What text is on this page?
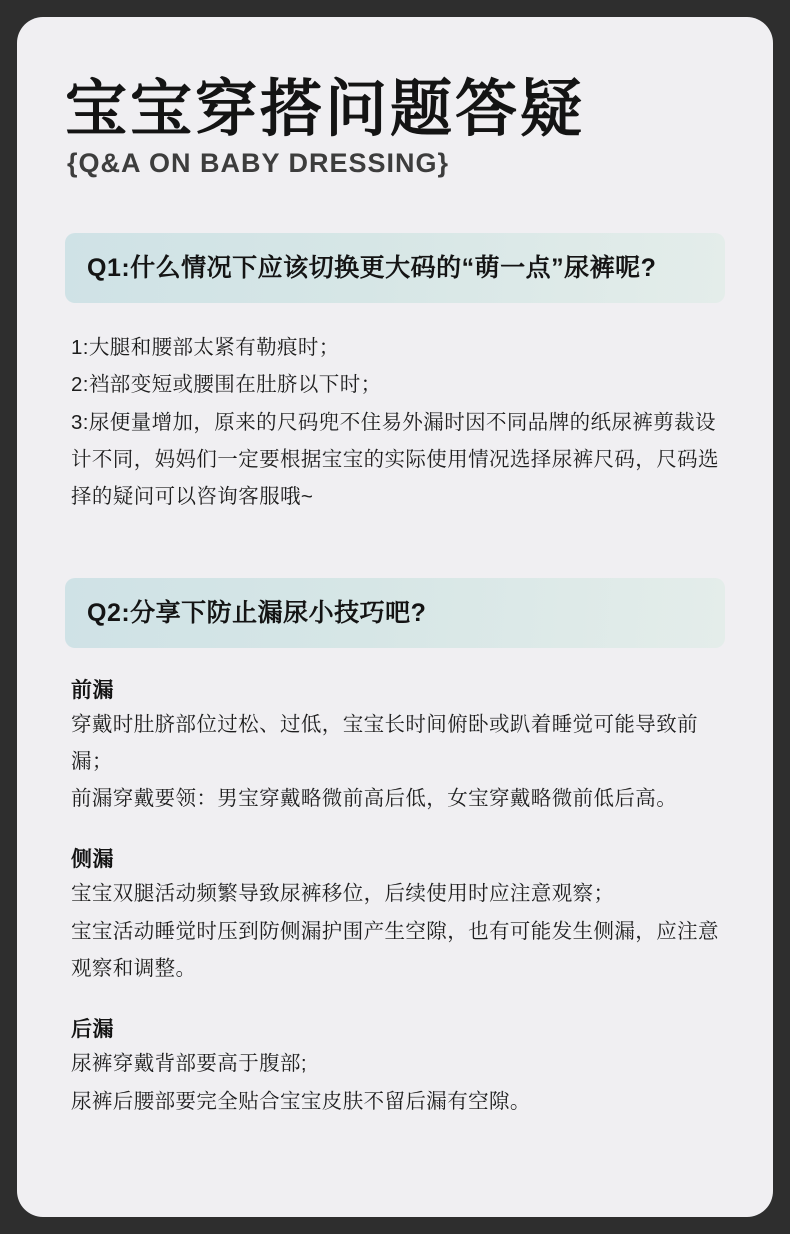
宝宝穿搭问题答疑
{Q&A ON BABY DRESSING}
Q1:什么情况下应该切换更大码的“萌一点”尿裤呢?
1:大腿和腰部太紧有勒痕时；
2:裆部变短或腰围在肚脐以下时；
3:尿便量增加，原来的尺码兜不住易外漏时因不同品牌的纸尿裤剪裁设计不同，妈妈们一定要根据宝宝的实际使用情况选择尿裤尺码，尺码选择的疑问可以咨询客服哦~
Q2:分享下防止漏尿小技巧吧?
前漏
穿戴时肚脐部位过松、过低，宝宝长时间俯卧或趴着睡觉可能导致前漏；
前漏穿戴要领：男宝穿戴略微前高后低，女宝穿戴略微前低后高。
侧漏
宝宝双腿活动频繁导致尿裤移位，后续使用时应注意观察；
宝宝活动睡觉时压到防侧漏护围产生空隙，也有可能发生侧漏，应注意观察和调整。
后漏
尿裤穿戴背部要高于腹部;
尿裤后腰部要完全贴合宝宝皮肤不留后漏有空隙。
